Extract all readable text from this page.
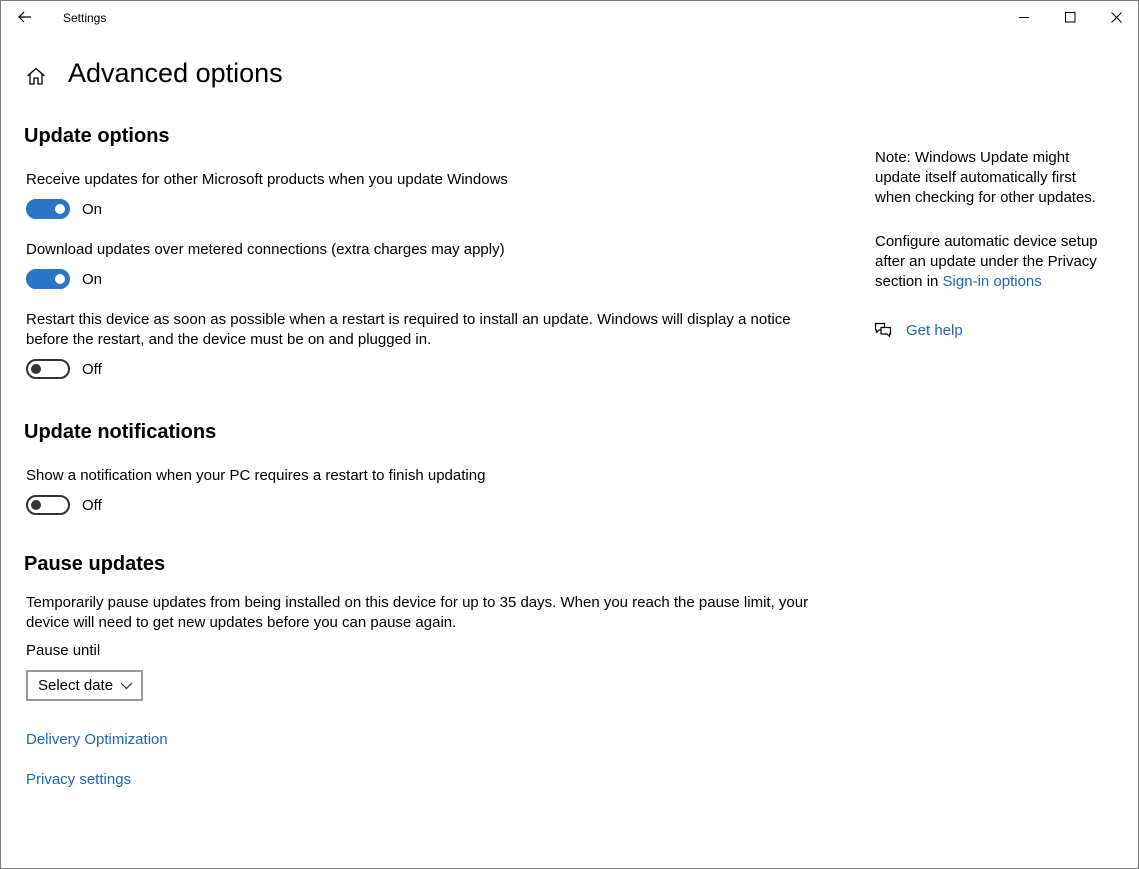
Settings
Advanced options
Update options
Receive updates for other Microsoft products when you update Windows
On
Download updates over metered connections (extra charges may apply)
On
Restart this device as soon as possible when a restart is required to install an update. Windows will display a notice before the restart, and the device must be on and plugged in.
Off
Update notifications
Show a notification when your PC requires a restart to finish updating
Off
Pause updates
Temporarily pause updates from being installed on this device for up to 35 days. When you reach the pause limit, your device will need to get new updates before you can pause again.
Pause until
Select date
Delivery Optimization
Privacy settings
Note: Windows Update might update itself automatically first when checking for other updates.
Configure automatic device setup after an update under the Privacy section in Sign-in options
Get help
